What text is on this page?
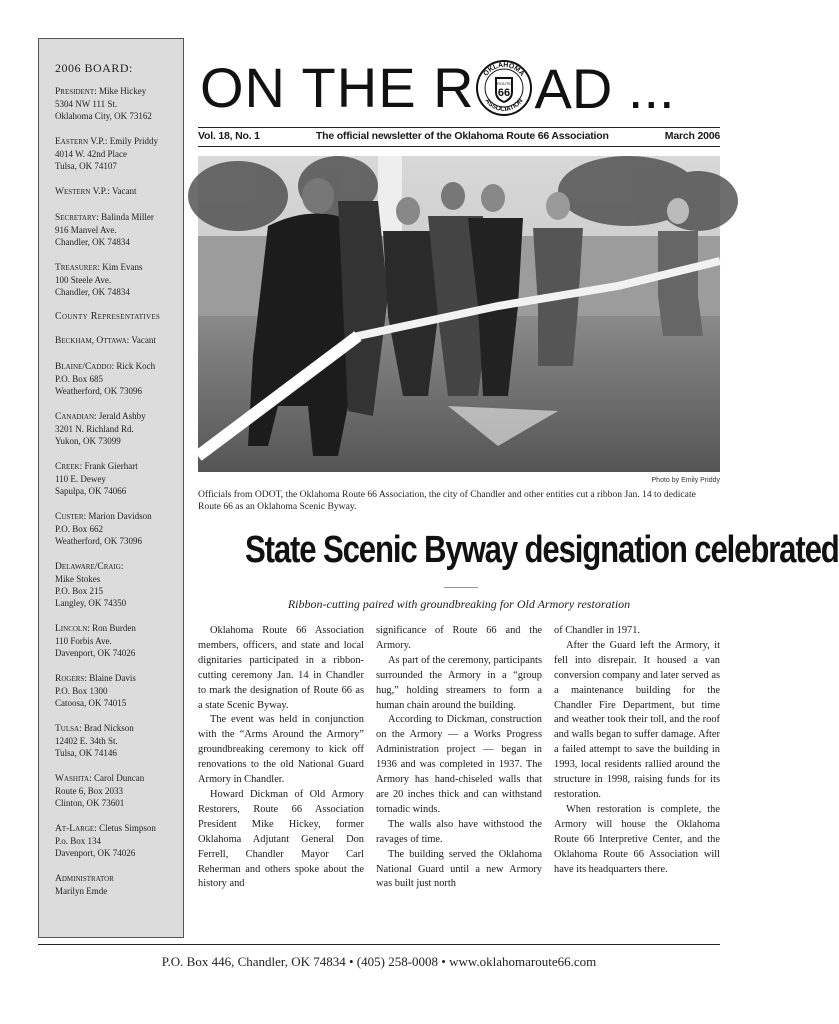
2006 BOARD:
President: Mike Hickey
5304 NW 111 St.
Oklahoma City, OK 73162
Eastern V.P.: Emily Priddy
4014 W. 42nd Place
Tulsa, OK 74107
Western V.P.: Vacant
Secretary: Balinda Miller
916 Manvel Ave.
Chandler, OK 74834
Treasurer: Kim Evans
100 Steele Ave.
Chandler, OK 74834
County Representatives
Beckham, Ottawa: Vacant
Blaine/Caddo: Rick Koch
P.O. Box 685
Weatherford, OK 73096
Canadian: Jerald Ashby
3201 N. Richland Rd.
Yukon, OK 73099
Creek: Frank Gierhart
110 E. Dewey
Sapulpa, OK 74066
Custer: Marion Davidson
P.O. Box 662
Weatherford, OK 73096
Delaware/Craig:
Mike Stokes
P.O. Box 215
Langley, OK 74350
Lincoln: Ron Burden
110 Forbis Ave.
Davenport, OK 74026
Rogers: Blaine Davis
P.O. Box 1300
Catoosa, OK 74015
Tulsa: Brad Nickson
12402 E. 34th St.
Tulsa, OK 74146
Washita: Carol Duncan
Route 6, Box 2033
Clinton, OK 73601
At-Large: Cletus Simpson
P.o. Box 134
Davenport, OK 74026
Administrator
Marilyn Emde
ON THE R OKLAHOMA
ASSOCIATION
ROUTE
66 AD ...
Vol. 18, No. 1	The official newsletter of the Oklahoma Route 66 Association	March 2006
Photo by Emily Priddy
Officials from ODOT, the Oklahoma Route 66 Association, the city of Chandler and other entities cut a ribbon Jan. 14 to dedicate Route 66 as an Oklahoma Scenic Byway.
State Scenic Byway designation celebrated
Ribbon-cutting paired with groundbreaking for Old Armory restoration

Oklahoma Route 66 Association members, officers, and state and local dignitaries participated in a ribbon-cutting ceremony Jan. 14 in Chandler to mark the designation of Route 66 as a state Scenic Byway.

The event was held in conjunction with the “Arms Around the Armory” groundbreaking ceremony to kick off renovations to the old National Guard Armory in Chandler.

Howard Dickman of Old Armory Restorers, Route 66 Association President Mike Hickey, former Oklahoma Adjutant General Don Ferrell, Chandler Mayor Carl Reherman and others spoke about the history and

significance of Route 66 and the Armory.

As part of the ceremony, participants surrounded the Armory in a “group hug,” holding streamers to form a human chain around the building.

According to Dickman, construction on the Armory — a Works Progress Administration project — began in 1936 and was completed in 1937. The Armory has hand-chiseled walls that are 20 inches thick and can withstand tornadic winds.

The walls also have withstood the ravages of time.

The building served the Oklahoma National Guard until a new Armory was built just north

of Chandler in 1971.

After the Guard left the Armory, it fell into disrepair. It housed a van conversion company and later served as a maintenance building for the Chandler Fire Department, but time and weather took their toll, and the roof and walls began to suffer damage. After a failed attempt to save the building in 1993, local residents rallied around the structure in 1998, raising funds for its restoration.

When restoration is complete, the Armory will house the Oklahoma Route 66 Interpretive Center, and the Oklahoma Route 66 Association will have its headquarters there.

P.O. Box 446, Chandler, OK 74834 • (405) 258-0008 • www.oklahomaroute66.com
